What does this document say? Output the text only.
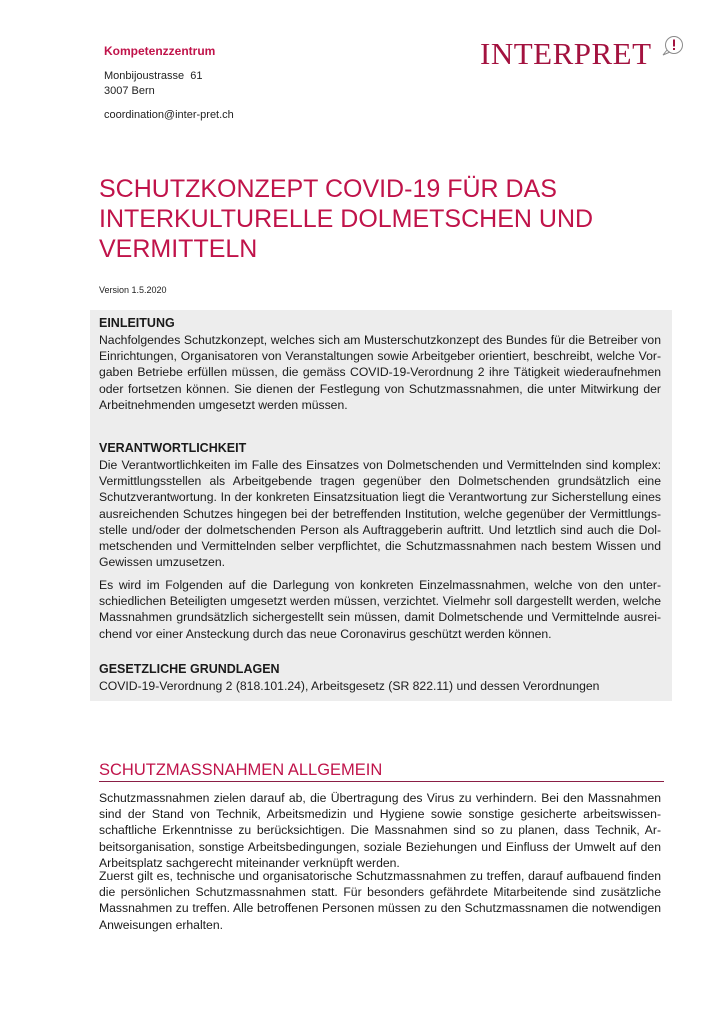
Kompetenzzentrum
Monbijoustrasse  61
3007 Bern
coordination@inter-pret.ch
INTERPRET
SCHUTZKONZEPT COVID-19 FÜR DAS INTERKULTURELLE DOLMETSCHEN UND VERMITTELN
Version 1.5.2020
EINLEITUNG

Nachfolgendes Schutzkonzept, welches sich am Musterschutzkonzept des Bundes für die Betreiber von Einrichtungen, Organisatoren von Veranstaltungen sowie Arbeitgeber orientiert, beschreibt, welche Vorgaben Betriebe erfüllen müssen, die gemäss COVID-19-Verordnung 2 ihre Tätigkeit wiederaufnehmen oder fortsetzen können. Sie dienen der Festlegung von Schutzmassnahmen, die unter Mitwirkung der Arbeitnehmenden umgesetzt werden müssen.

VERANTWORTLICHKEIT

Die Verantwortlichkeiten im Falle des Einsatzes von Dolmetschenden und Vermittelnden sind komplex: Vermittlungsstellen als Arbeitgebende tragen gegenüber den Dolmetschenden grundsätzlich eine Schutzverantwortung. In der konkreten Einsatzsituation liegt die Verantwortung zur Sicherstellung eines ausreichenden Schutzes hingegen bei der betreffenden Institution, welche gegenüber der Vermittlungsstelle und/oder der dolmetschenden Person als Auftraggeberin auftritt. Und letztlich sind auch die Dolmetschenden und Vermittelnden selber verpflichtet, die Schutzmassnahmen nach bestem Wissen und Gewissen umzusetzen.

Es wird im Folgenden auf die Darlegung von konkreten Einzelmassnahmen, welche von den unterschiedlichen Beteiligten umgesetzt werden müssen, verzichtet. Vielmehr soll dargestellt werden, welche Massnahmen grundsätzlich sichergestellt sein müssen, damit Dolmetschende und Vermittelnde ausreichend vor einer Ansteckung durch das neue Coronavirus geschützt werden können.

GESETZLICHE GRUNDLAGEN

COVID-19-Verordnung 2 (818.101.24), Arbeitsgesetz (SR 822.11) und dessen Verordnungen

SCHUTZMASSNAHMEN ALLGEMEIN

Schutzmassnahmen zielen darauf ab, die Übertragung des Virus zu verhindern. Bei den Massnahmen sind der Stand von Technik, Arbeitsmedizin und Hygiene sowie sonstige gesicherte arbeitswissenschaftliche Erkenntnisse zu berücksichtigen. Die Massnahmen sind so zu planen, dass Technik, Arbeitsorganisation, sonstige Arbeitsbedingungen, soziale Beziehungen und Einfluss der Umwelt auf den Arbeitsplatz sachgerecht miteinander verknüpft werden.

Zuerst gilt es, technische und organisatorische Schutzmassnahmen zu treffen, darauf aufbauend finden die persönlichen Schutzmassnahmen statt. Für besonders gefährdete Mitarbeitende sind zusätzliche Massnahmen zu treffen. Alle betroffenen Personen müssen zu den Schutzmassnamen die notwendigen Anweisungen erhalten.
